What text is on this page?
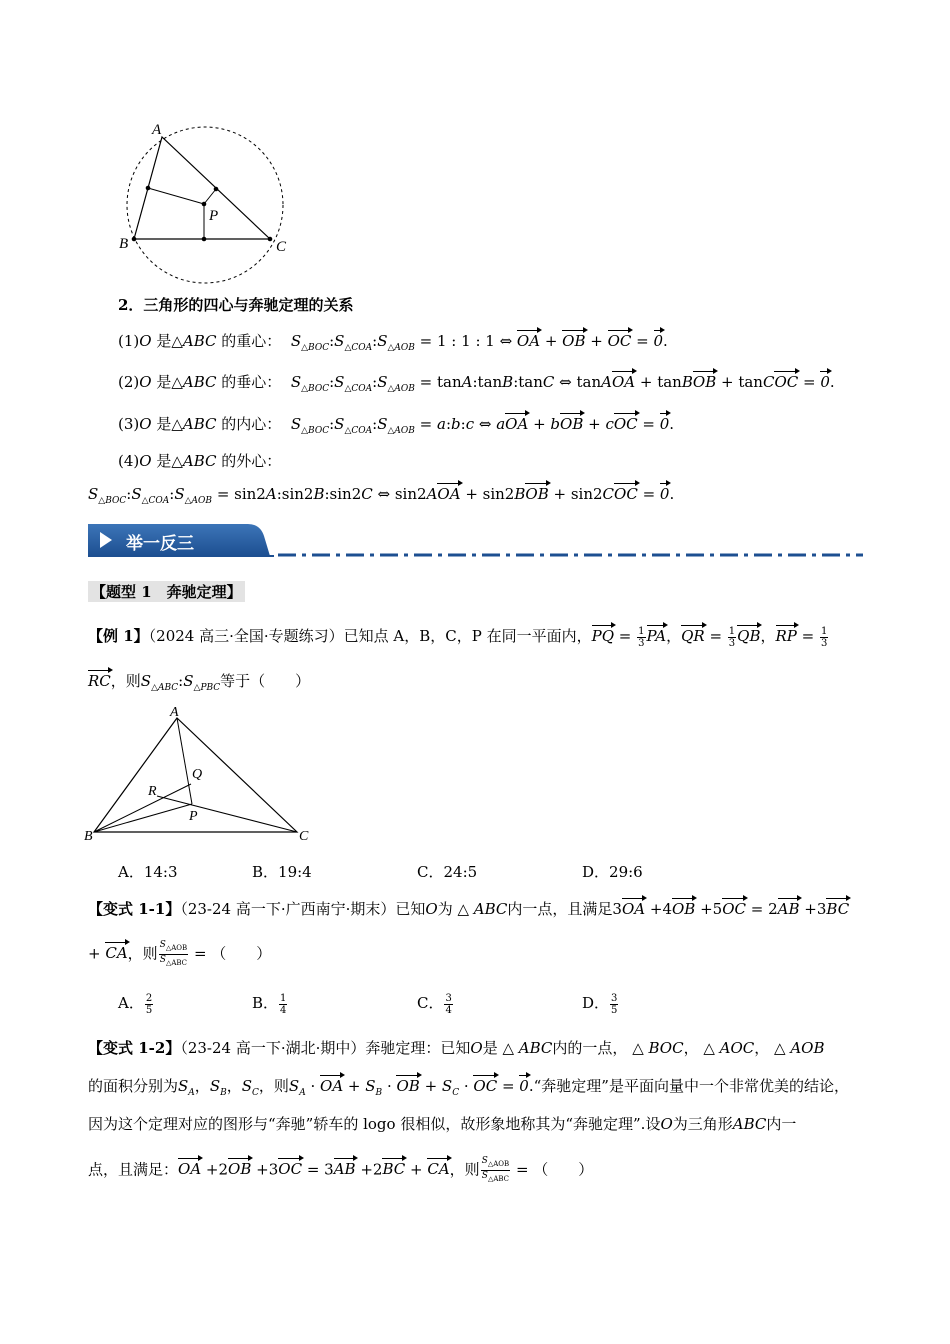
A
B	C
P
2．三角形的四心与奔驰定理的关系
(1)O 是△ABC 的重心： $S_{\triangle BOC}:S_{\triangle COA}:S_{\triangle AOB} = 1$ : 1 : 1 ⇔ OA + OB + OC = 0.
(2)O 是△ABC 的垂心： $S_{\triangle BOC}:S_{\triangle COA}:S_{\triangle AOB}$ = tanA:tanB:tanC ⇔ tanAOA + tanBOB + tanCOC = 0.
(3)O 是△ABC 的内心： $S_{\triangle BOC}:S_{\triangle COA}:S_{\triangle AOB}$ = a:b:c ⇔ aOA + bOB + cOC = 0.
(4)O 是△ABC 的外心：
$S_{\triangle BOC}:S_{\triangle COA}:S_{\triangle AOB}$ = sin2A:sin2B:sin2C ⇔ sin2AOA + sin2BOB + sin2COC = 0.
举一反三
【题型 1　奔驰定理】
【例 1】（2024 高三·全国·专题练习）已知点 A，B，C，P 在同一平面内，PQ = $\frac{1}{3}$ PA，QR = $\frac{1}{3}$ QB，RP = $\frac{1}{3}$
RC，则$S_{\triangle ABC}:S_{\triangle PBC}$等于（　　）
A
B	C
Q
R
P
A．14:3	B．19:4	C．24:5	D．29:6
【变式 1-1】（23-24 高一下·广西南宁·期末）已知O为 △ ABC内一点，且满足3OA +4OB +5OC = 2AB +3BC
+ CA，则 $\frac{S_{\triangle AOB}}{S_{\triangle ABC}}$ = （　　）
A． $\frac{2}{5}$	B． $\frac{1}{4}$	C． $\frac{3}{4}$	D． $\frac{3}{5}$
【变式 1-2】（23-24 高一下·湖北·期中）奔驰定理：已知O是 △ ABC内的一点， △ BOC， △ AOC， △ AOB
的面积分别为$S_A$，$S_B$，$S_C$，则$S_A$ · OA + $S_B$ · OB + $S_C$ · OC = 0.“奔驰定理”是平面向量中一个非常优美的结论，
因为这个定理对应的图形与“奔驰”轿车的 logo 很相似，故形象地称其为“奔驰定理”.设O为三角形ABC内一
点，且满足：OA +2OB +3OC = 3AB +2BC + CA，则 $\frac{S_{\triangle AOB}}{S_{\triangle ABC}}$ = （　　）
